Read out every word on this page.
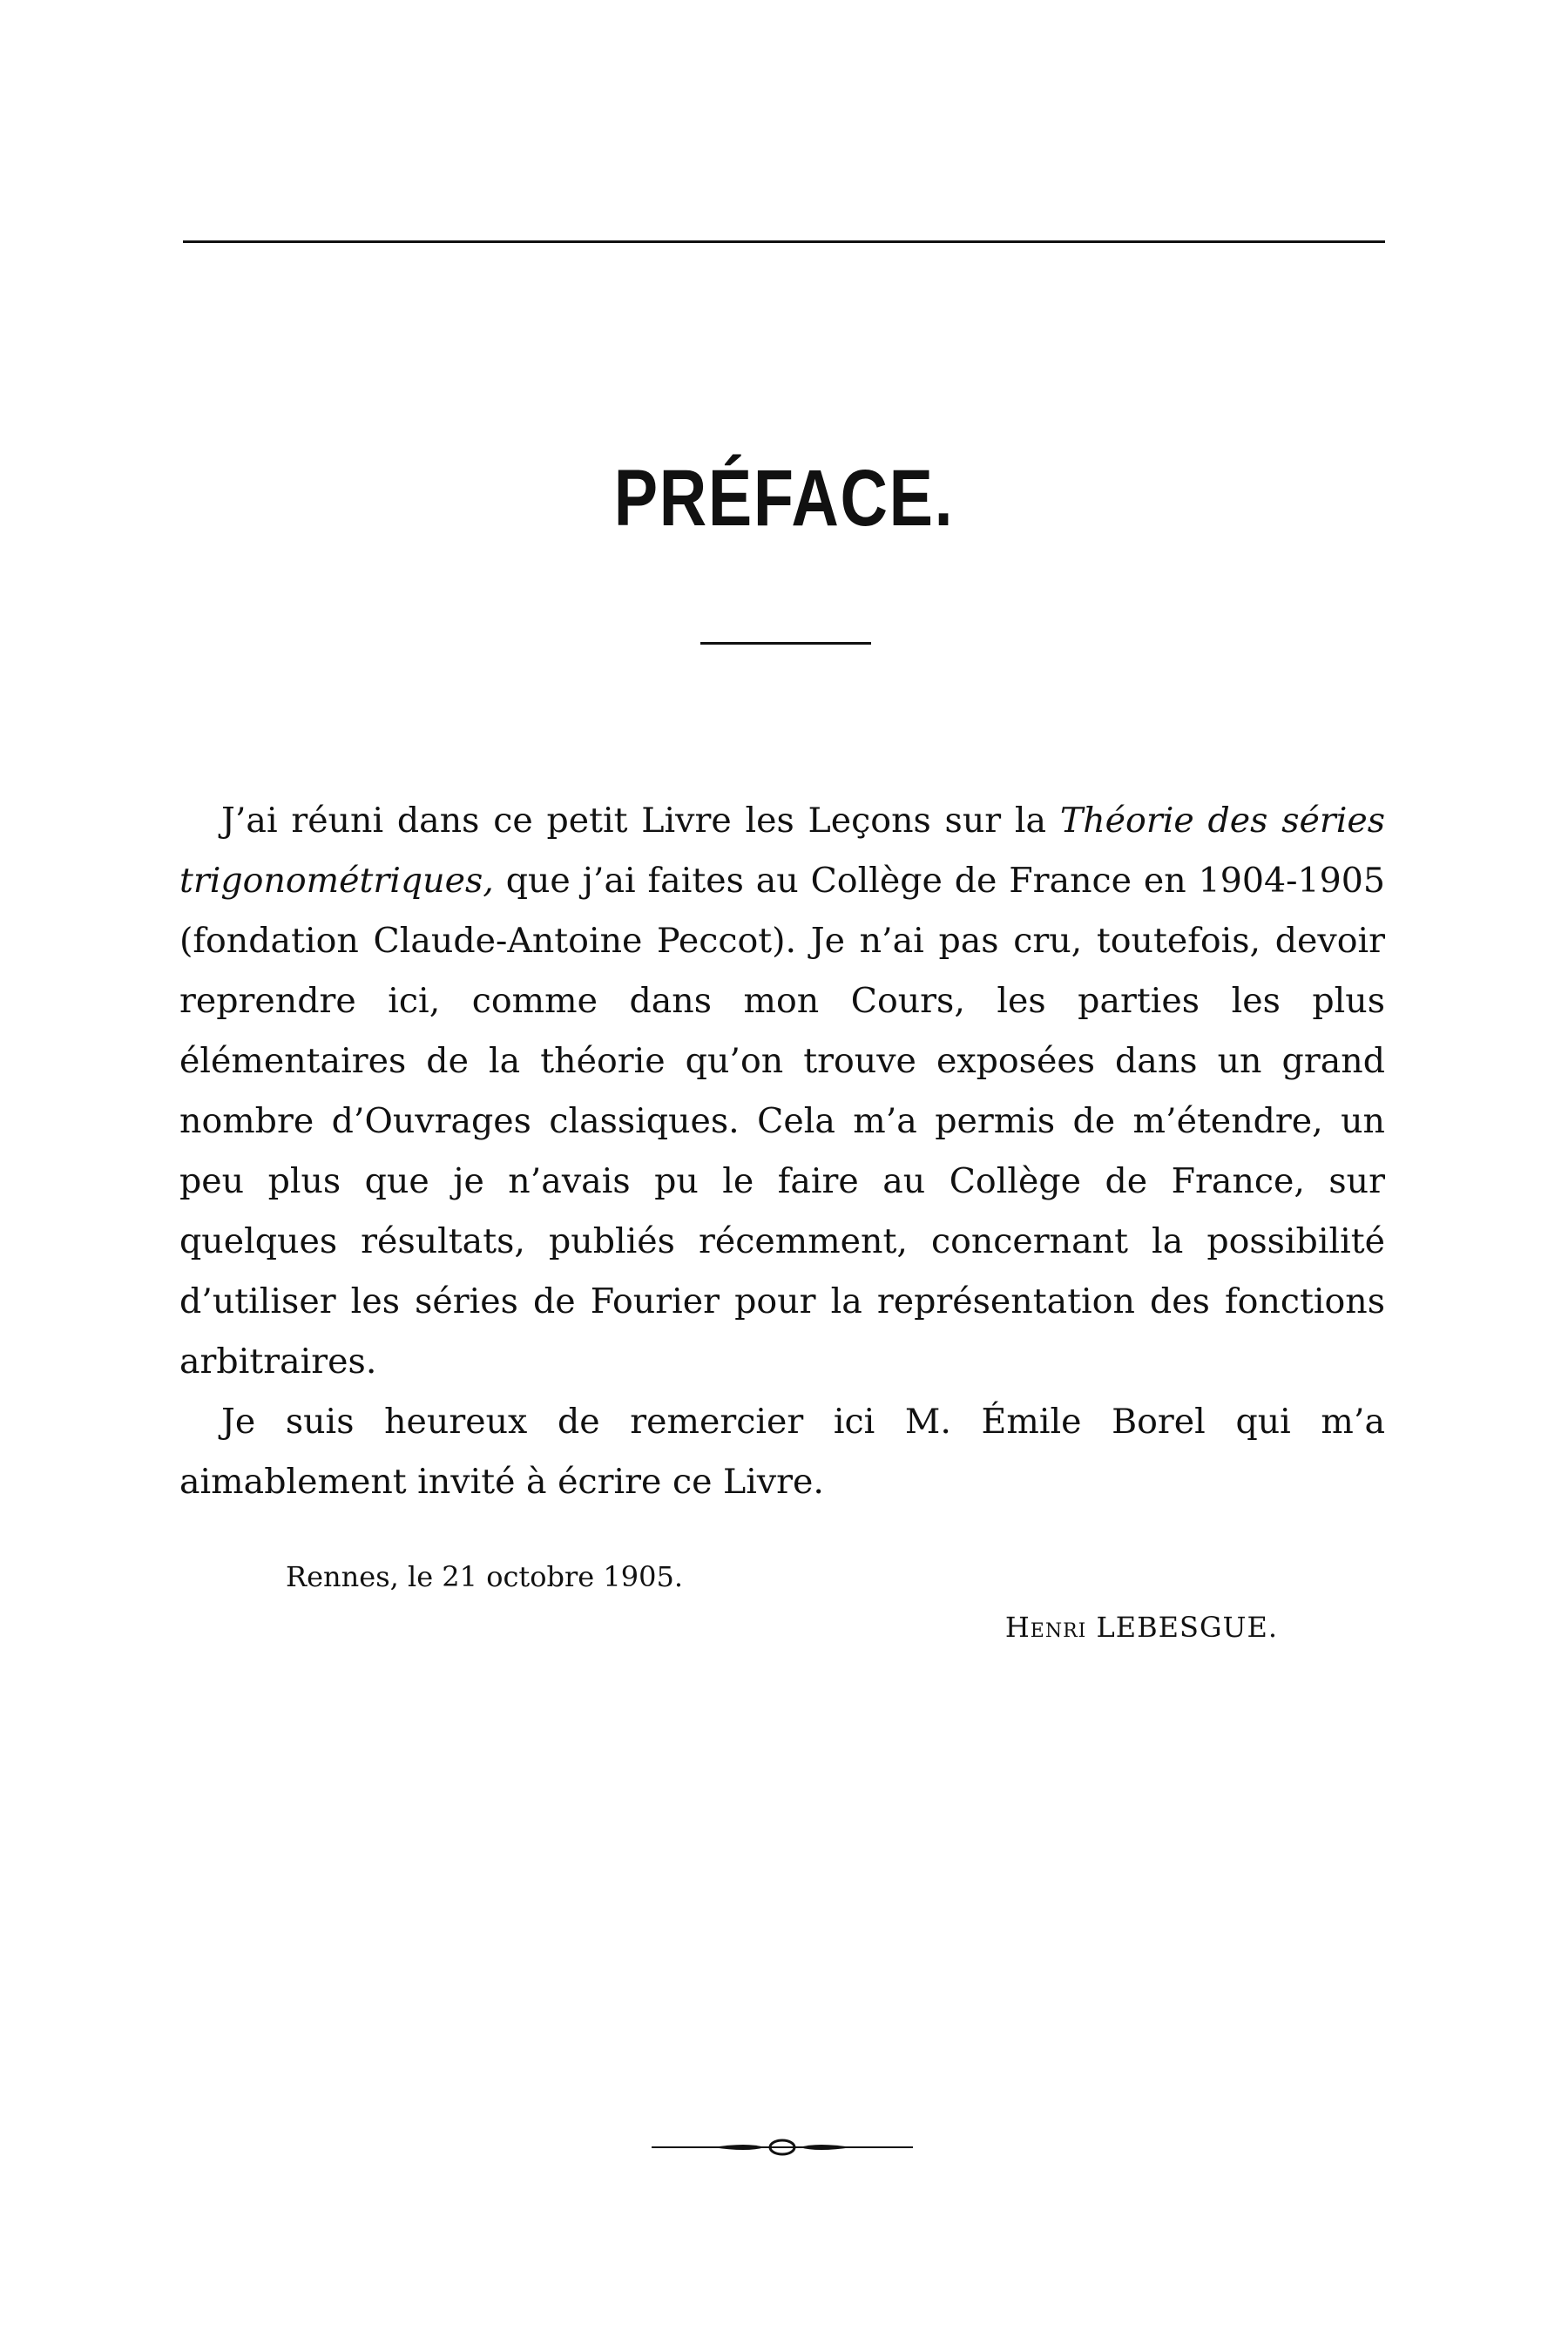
PRÉFACE.

J’ai réuni dans ce petit Livre les Leçons sur la Théorie des séries trigonométriques, que j’ai faites au Collège de France en 1904-1905 (fondation Claude-Antoine Peccot). Je n’ai pas cru, toutefois, devoir reprendre ici, comme dans mon Cours, les parties les plus élémentaires de la théorie qu’on trouve exposées dans un grand nombre d’Ouvrages classiques. Cela m’a permis de m’étendre, un peu plus que je n’avais pu le faire au Collège de France, sur quelques résultats, publiés récemment, concernant la possibilité d’utiliser les séries de Fourier pour la représentation des fonctions arbitraires.

Je suis heureux de remercier ici M. Émile Borel qui m’a aimablement invité à écrire ce Livre.

Rennes, le 21 octobre 1905.
Henri LEBESGUE.
